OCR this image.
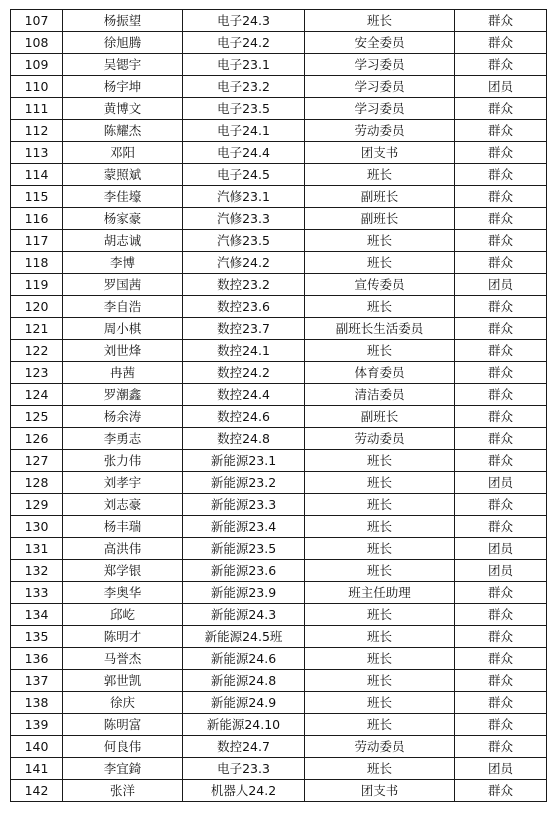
107	杨振望	电子24.3	班长	群众
108	徐旭腾	电子24.2	安全委员	群众
109	吴锶宇	电子23.1	学习委员	群众
110	杨宇坤	电子23.2	学习委员	团员
111	黄博文	电子23.5	学习委员	群众
112	陈耀杰	电子24.1	劳动委员	群众
113	邓阳	电子24.4	团支书	群众
114	蒙照斌	电子24.5	班长	群众
115	李佳壕	汽修23.1	副班长	群众
116	杨家豪	汽修23.3	副班长	群众
117	胡志诚	汽修23.5	班长	群众
118	李博	汽修24.2	班长	群众
119	罗国茜	数控23.2	宣传委员	团员
120	李自浩	数控23.6	班长	群众
121	周小棋	数控23.7	副班长生活委员	群众
122	刘世烽	数控24.1	班长	群众
123	冉茜	数控24.2	体育委员	群众
124	罗潮鑫	数控24.4	清洁委员	群众
125	杨余涛	数控24.6	副班长	群众
126	李勇志	数控24.8	劳动委员	群众
127	张力伟	新能源23.1	班长	群众
128	刘孝宇	新能源23.2	班长	团员
129	刘志豪	新能源23.3	班长	群众
130	杨丰瑞	新能源23.4	班长	群众
131	高洪伟	新能源23.5	班长	团员
132	郑学银	新能源23.6	班长	团员
133	李奥华	新能源23.9	班主任助理	群众
134	邱屹	新能源24.3	班长	群众
135	陈明才	新能源24.5班	班长	群众
136	马誉杰	新能源24.6	班长	群众
137	郭世凯	新能源24.8	班长	群众
138	徐庆	新能源24.9	班长	群众
139	陈明富	新能源24.10	班长	群众
140	何良伟	数控24.7	劳动委员	群众
141	李宜錡	电子23.3	班长	团员
142	张洋	机器人24.2	团支书	群众
